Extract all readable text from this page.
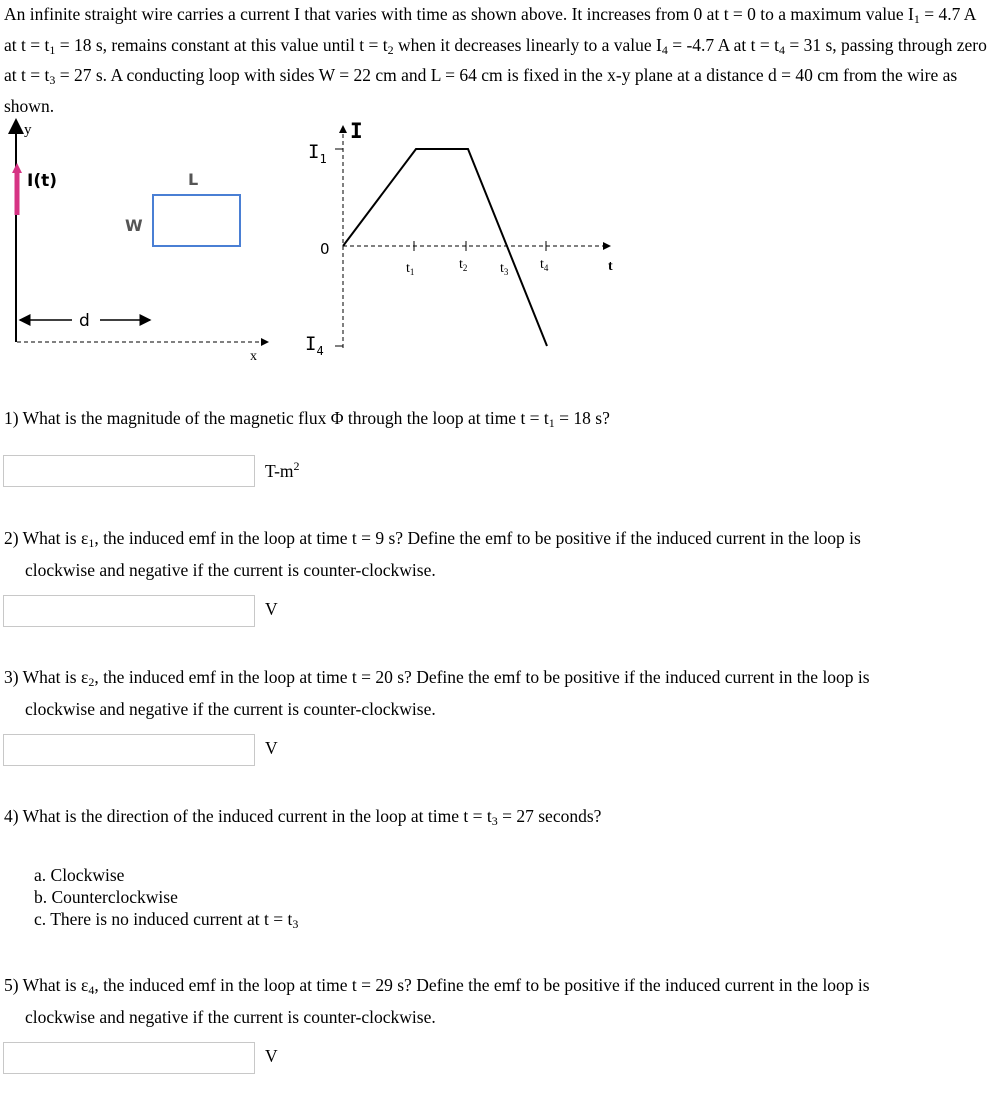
An infinite straight wire carries a current I that varies with time as shown above. It increases from 0 at t = 0 to a maximum value $I_1 = 4.7$ A at $t = t_1 = 18$ s, remains constant at this value until $t = t_2$ when it decreases linearly to a value $I_4 = -4.7$ A at $t = t_4 = 31$ s, passing through zero at $t = t_3 = 27$ s. A conducting loop with sides W = 22 cm and L = 64 cm is fixed in the x-y plane at a distance d = 40 cm from the wire as shown.
y
I(t)
W
L
d
x
I
$I_1$
0
$I_4$
$t_1$	$t_2$ $t_3$ $t_4$	t
1) What is the magnitude of the magnetic flux Φ through the loop at time $t = t_1 = 18$ s?
$T-m^2$
2) What is $\varepsilon_1$, the induced emf in the loop at time t = 9 s? Define the emf to be positive if the induced current in the loop is
clockwise and negative if the current is counter-clockwise.
V
3) What is $\varepsilon_2$, the induced emf in the loop at time t = 20 s? Define the emf to be positive if the induced current in the loop is
clockwise and negative if the current is counter-clockwise.
V
4) What is the direction of the induced current in the loop at time $t = t_3 = 27$ seconds?
a. Clockwise
b. Counterclockwise
c. There is no induced current at $t = t_3$
5) What is $\varepsilon_4$, the induced emf in the loop at time t = 29 s? Define the emf to be positive if the induced current in the loop is
clockwise and negative if the current is counter-clockwise.
V
